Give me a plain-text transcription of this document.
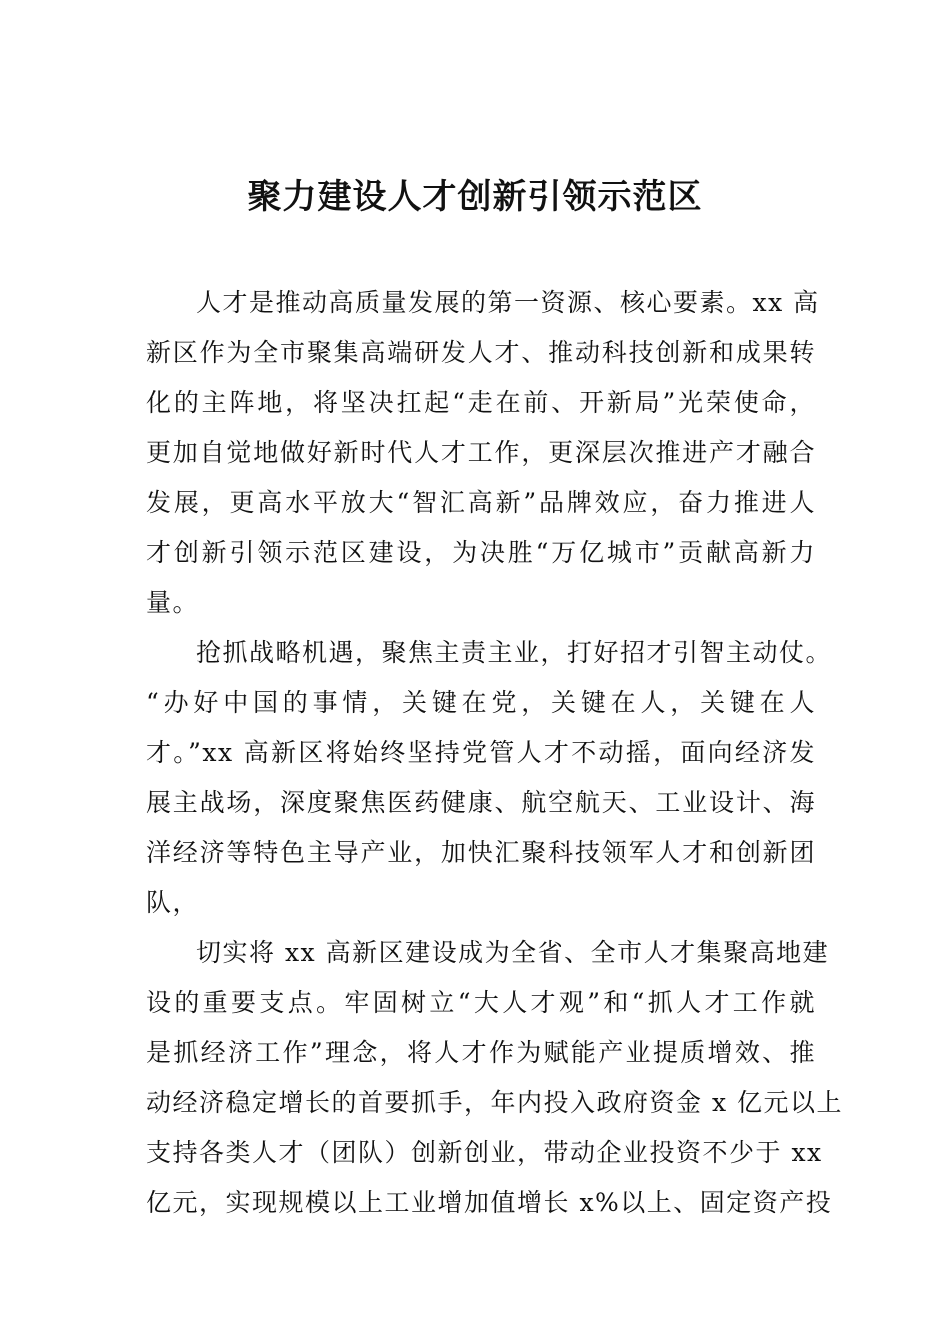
聚力建设人才创新引领示范区
人才是推动高质量发展的第一资源、核心要素。xx 高
新区作为全市聚集高端研发人才、推动科技创新和成果转
化的主阵地，将坚决扛起“走在前、开新局”光荣使命，
更加自觉地做好新时代人才工作，更深层次推进产才融合
发展，更高水平放大“智汇高新”品牌效应，奋力推进人
才创新引领示范区建设，为决胜“万亿城市”贡献高新力
量。
抢抓战略机遇，聚焦主责主业，打好招才引智主动仗。
“办好中国的事情，关键在党，关键在人，关键在人
才。”xx 高新区将始终坚持党管人才不动摇，面向经济发
展主战场，深度聚焦医药健康、航空航天、工业设计、海
洋经济等特色主导产业，加快汇聚科技领军人才和创新团
队，
切实将 xx 高新区建设成为全省、全市人才集聚高地建
设的重要支点。牢固树立“大人才观”和“抓人才工作就
是抓经济工作”理念，将人才作为赋能产业提质增效、推
动经济稳定增长的首要抓手，年内投入政府资金 x 亿元以上
支持各类人才（团队）创新创业，带动企业投资不少于 xx
亿元，实现规模以上工业增加值增长 x%以上、固定资产投
